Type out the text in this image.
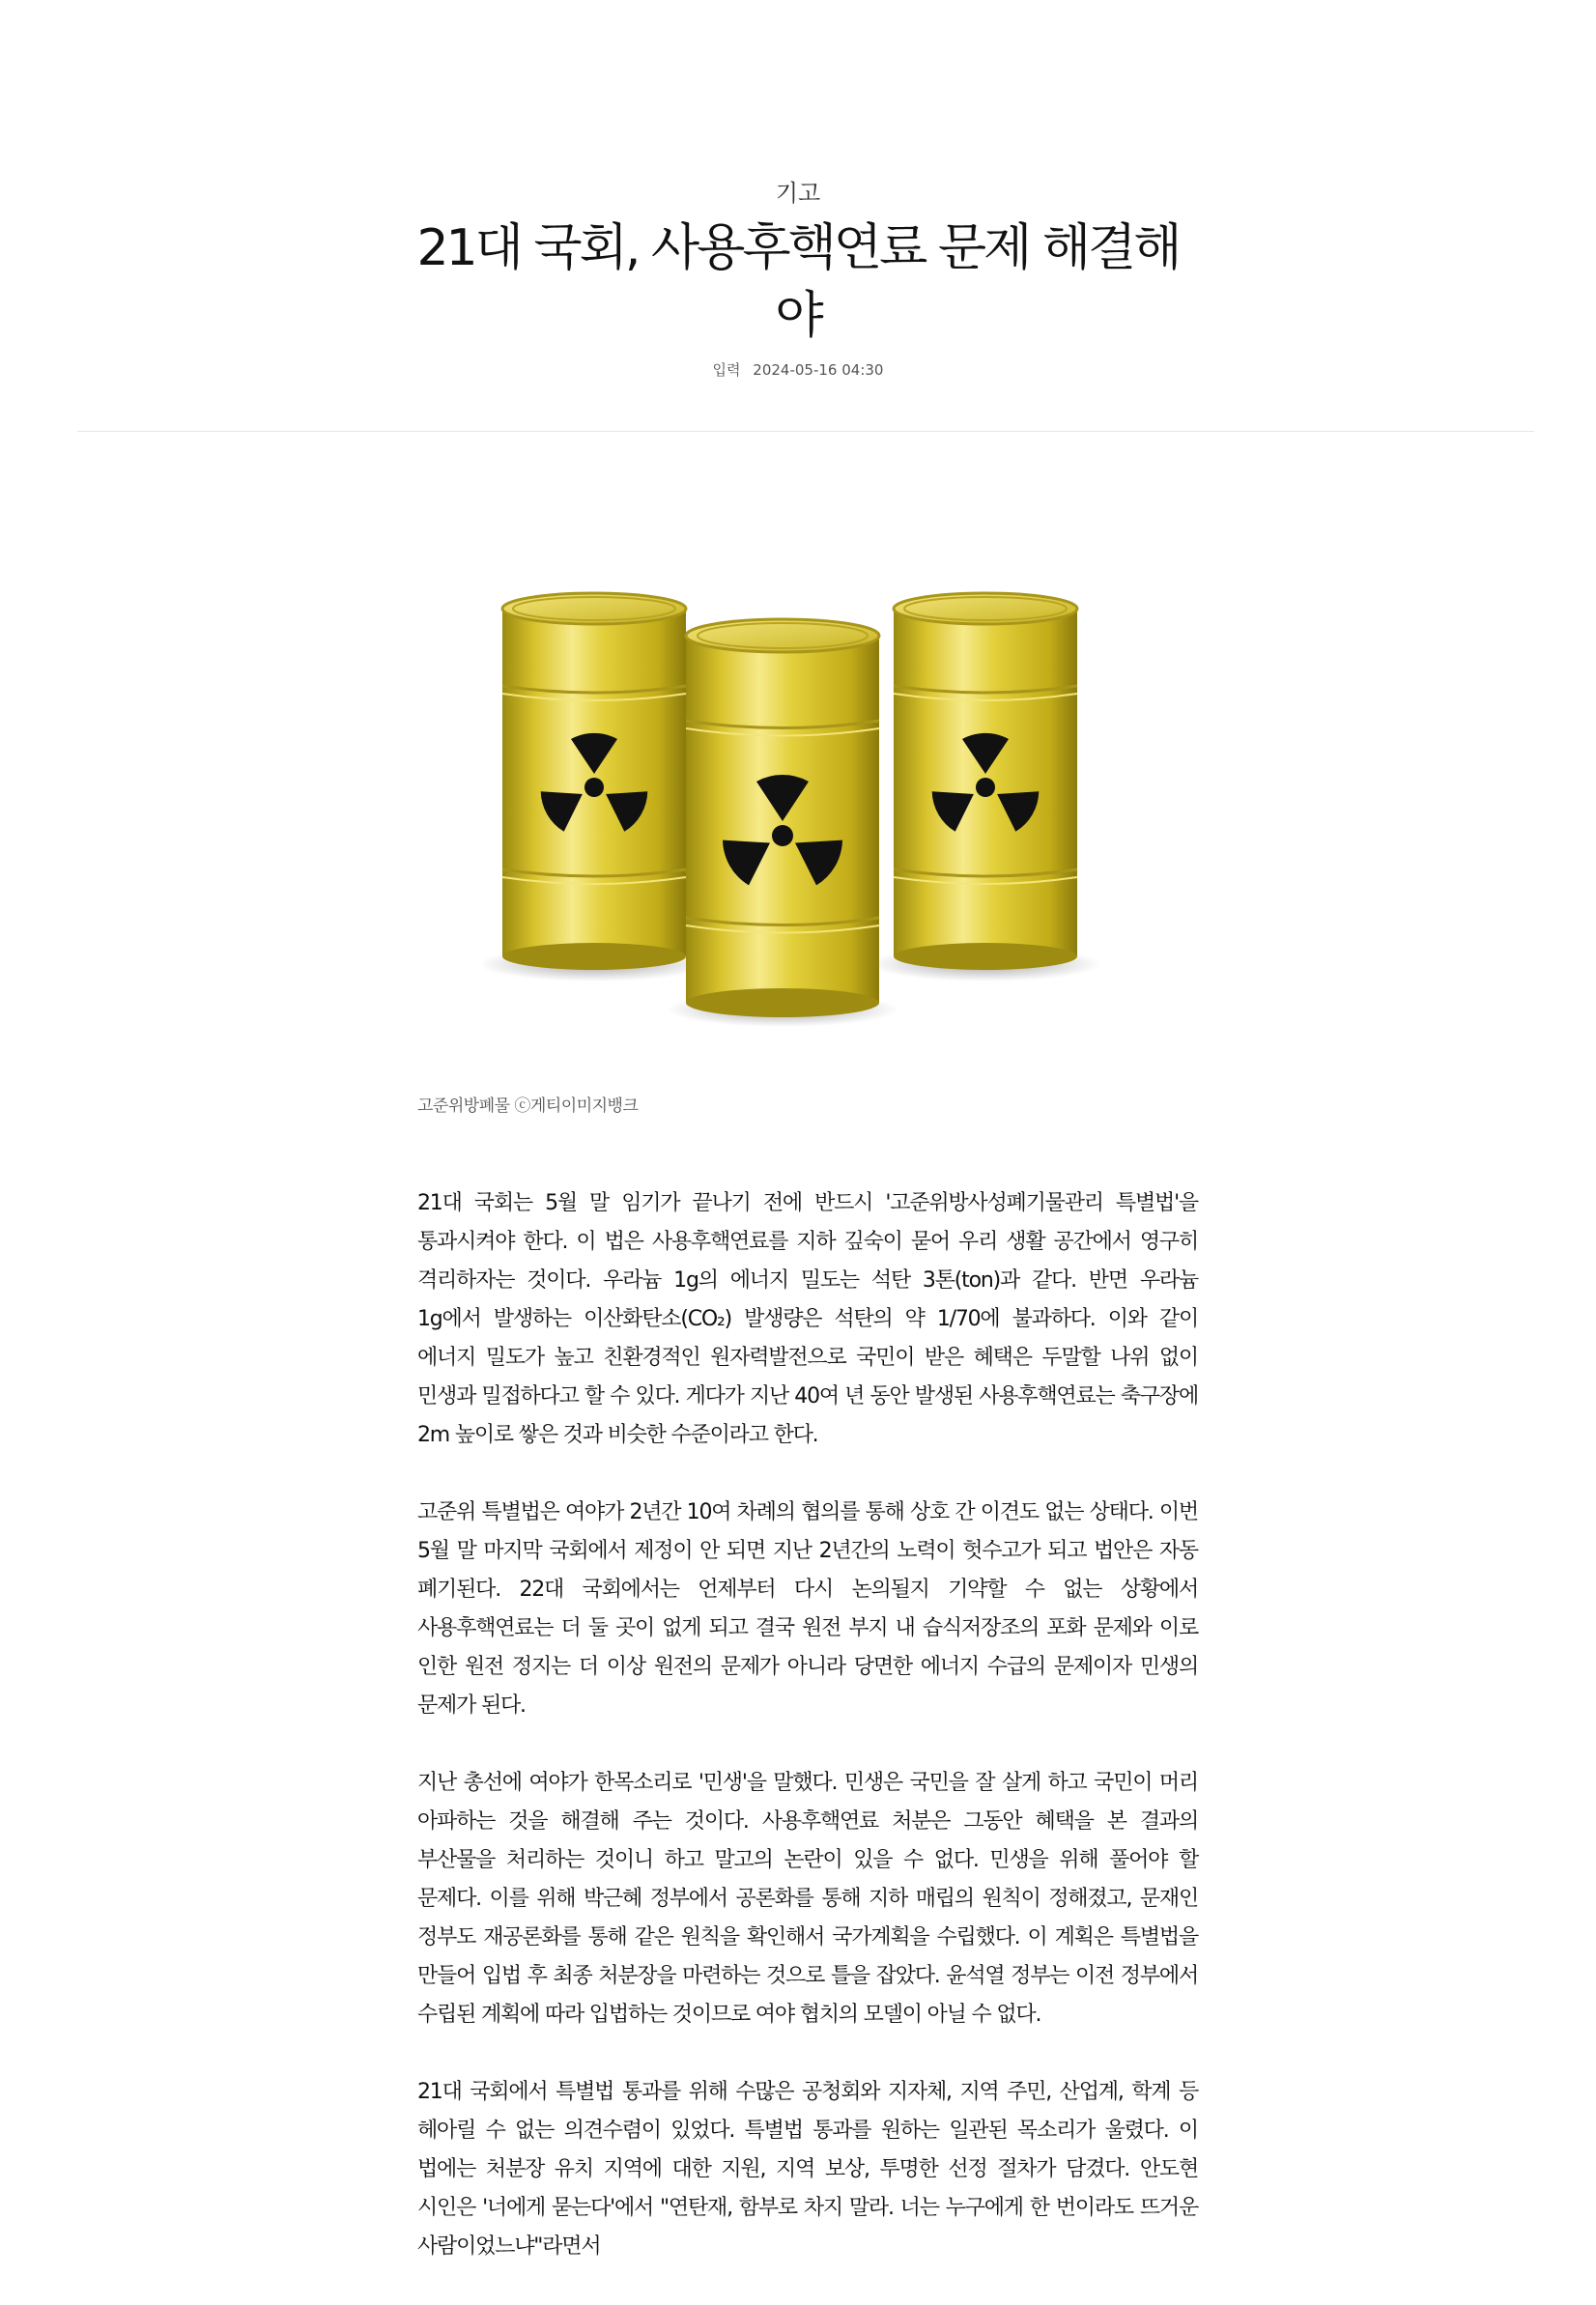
기고
21대 국회, 사용후핵연료 문제 해결해야
입력 2024-05-16 04:30
고준위방폐물 ⓒ게티이미지뱅크

21대 국회는 5월 말 임기가 끝나기 전에 반드시 '고준위방사성폐기물관리 특별법'을 통과시켜야 한다. 이 법은 사용후핵연료를 지하 깊숙이 묻어 우리 생활 공간에서 영구히 격리하자는 것이다. 우라늄 1g의 에너지 밀도는 석탄 3톤(ton)과 같다. 반면 우라늄 1g에서 발생하는 이산화탄소(CO₂) 발생량은 석탄의 약 1/70에 불과하다. 이와 같이 에너지 밀도가 높고 친환경적인 원자력발전으로 국민이 받은 혜택은 두말할 나위 없이 민생과 밀접하다고 할 수 있다. 게다가 지난 40여 년 동안 발생된 사용후핵연료는 축구장에 2m 높이로 쌓은 것과 비슷한 수준이라고 한다.

고준위 특별법은 여야가 2년간 10여 차례의 협의를 통해 상호 간 이견도 없는 상태다. 이번 5월 말 마지막 국회에서 제정이 안 되면 지난 2년간의 노력이 헛수고가 되고 법안은 자동 폐기된다. 22대 국회에서는 언제부터 다시 논의될지 기약할 수 없는 상황에서 사용후핵연료는 더 둘 곳이 없게 되고 결국 원전 부지 내 습식저장조의 포화 문제와 이로 인한 원전 정지는 더 이상 원전의 문제가 아니라 당면한 에너지 수급의 문제이자 민생의 문제가 된다.

지난 총선에 여야가 한목소리로 '민생'을 말했다. 민생은 국민을 잘 살게 하고 국민이 머리 아파하는 것을 해결해 주는 것이다. 사용후핵연료 처분은 그동안 혜택을 본 결과의 부산물을 처리하는 것이니 하고 말고의 논란이 있을 수 없다. 민생을 위해 풀어야 할 문제다. 이를 위해 박근혜 정부에서 공론화를 통해 지하 매립의 원칙이 정해졌고, 문재인 정부도 재공론화를 통해 같은 원칙을 확인해서 국가계획을 수립했다. 이 계획은 특별법을 만들어 입법 후 최종 처분장을 마련하는 것으로 틀을 잡았다. 윤석열 정부는 이전 정부에서 수립된 계획에 따라 입법하는 것이므로 여야 협치의 모델이 아닐 수 없다.

21대 국회에서 특별법 통과를 위해 수많은 공청회와 지자체, 지역 주민, 산업계, 학계 등 헤아릴 수 없는 의견수렴이 있었다. 특별법 통과를 원하는 일관된 목소리가 울렸다. 이 법에는 처분장 유치 지역에 대한 지원, 지역 보상, 투명한 선정 절차가 담겼다. 안도현 시인은 '너에게 묻는다'에서 "연탄재, 함부로 차지 말라. 너는 누구에게 한 번이라도 뜨거운 사람이었느냐"라면서
